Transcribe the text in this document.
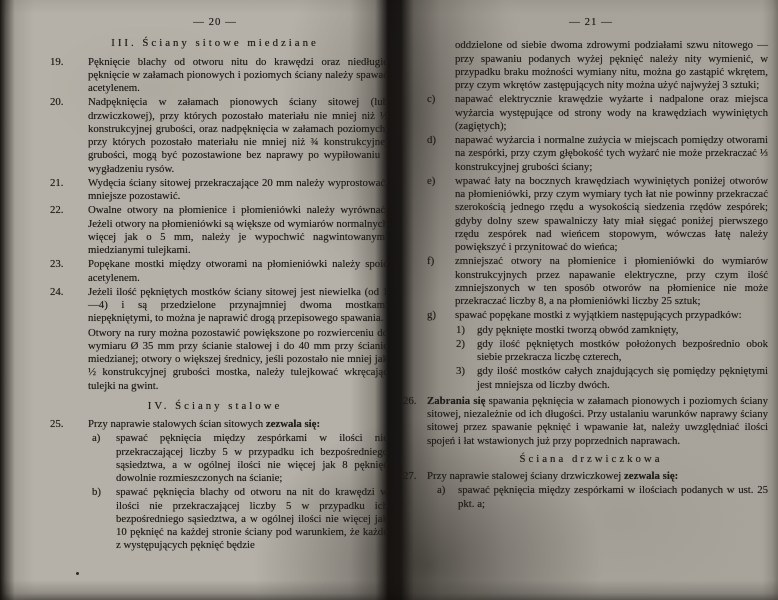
— 20 —
III. Ściany sitowe miedziane
19. Pęknięcie blachy od otworu nitu do krawędzi oraz niedługie pęknięcie w załamach pionowych i poziomych ściany należy spawać acetylenem.
20. Nadpęknięcia w załamach pionowych ściany sitowej (lub drzwiczkowej), przy których pozostało materiału nie mniej niż ½ konstrukcyjnej grubości, oraz nadpęknięcia w załamach poziomych, przy których pozostało materiału nie mniej niż ¾ konstrukcyjnej grubości, mogą być pozostawione bez naprawy po wypiłowaniu i wygładzeniu rysów.
21. Wydęcia ściany sitowej przekraczające 20 mm należy wyprostować, mniejsze pozostawić.
22. Owalne otwory na płomienice i płomieniówki należy wyrównać. Jeżeli otwory na płomieniówki są większe od wymiarów normalnych więcej jak o 5 mm, należy je wypochwić nagwintowanymi miedzianymi tulejkami.
23. Popękane mostki między otworami na płomieniówki należy spoić acetylenem.
24. Jeżeli ilość pękniętych mostków ściany sitowej jest niewielka (od 1—4) i są przedzielone przynajmniej dwoma mostkami niepękniętymi, to można je naprawić drogą przepisowego spawania.
Otwory na rury można pozostawić powiększone po rozwierceniu do wymiaru Ø 35 mm przy ścianie stalowej i do 40 mm przy ścianie miedzianej; otwory o większej średnicy, jeśli pozostało nie mniej jak ½ konstrukcyjnej grubości mostka, należy tulejkować wkręcając tulejki na gwint.
IV. Ściany stalowe
25. Przy naprawie stalowych ścian sitowych zezwala się:
a) spawać pęknięcia między zespórkami w ilości nie przekraczającej liczby 5 w przypadku ich bezpośredniego sąsiedztwa, a w ogólnej ilości nie więcej jak 8 pęknięć dowolnie rozmieszczonych na ścianie;
b) spawać pęknięcia blachy od otworu na nit do krawędzi w ilości nie przekraczającej liczby 5 w przypadku ich bezpośredniego sąsiedztwa, a w ogólnej ilości nie więcej jak 10 pęknięć na każdej stronie ściany pod warunkiem, że każde z występujących pęknięć będzie
— 21 —
oddzielone od siebie dwoma zdrowymi podziałami szwu nitowego — przy spawaniu podanych wyżej pęknięć należy nity wymienić, w przypadku braku możności wymiany nitu, można go zastąpić wkrętem, przy czym wkrętów zastępujących nity można użyć najwyżej 3 sztuki;
c) napawać elektrycznie krawędzie wyżarte i nadpalone oraz miejsca wyżarcia występujące od strony wody na krawędziach wywiniętych (zagiętych);
d) napawać wyżarcia i normalne zużycia w miejscach pomiędzy otworami na zespórki, przy czym głębokość tych wyżarć nie może przekraczać ⅓ konstrukcyjnej grubości ściany;
e) wpawać łaty na bocznych krawędziach wywiniętych poniżej otworów na płomieniówki, przy czym wymiary tych łat nie powinny przekraczać szerokością jednego rzędu a wysokością siedzenia rzędów zespórek; gdyby dolny szew spawalniczy łaty miał sięgać poniżej pierwszego rzędu zespórek nad wieńcem stopowym, wówczas łatę należy powiększyć i przynitować do wieńca;
f) zmniejszać otwory na płomienice i płomieniówki do wymiarów konstrukcyjnych przez napawanie elektryczne, przy czym ilość zmniejszonych w ten sposób otworów na płomienice nie może przekraczać liczby 8, a na płomieniówki liczby 25 sztuk;
g) spawać popękane mostki z wyjątkiem następujących przypadków:
1) gdy pęknięte mostki tworzą obwód zamknięty,
2) gdy ilość pękniętych mostków położonych bezpośrednio obok siebie przekracza liczbę czterech,
3) gdy ilość mostków całych znajdujących się pomiędzy pękniętymi jest mniejsza od liczby dwóch.
26. Zabrania się spawania pęknięcia w załamach pionowych i poziomych ściany sitowej, niezależnie od ich długości. Przy ustalaniu warunków naprawy ściany sitowej przez spawanie pęknięć i wpawanie łat, należy uwzględniać ilości spojeń i łat wstawionych już przy poprzednich naprawach.
Ściana drzwiczkowa
27. Przy naprawie stalowej ściany drzwiczkowej zezwala się:
a) spawać pęknięcia między zespórkami w ilościach podanych w ust. 25 pkt. a;
